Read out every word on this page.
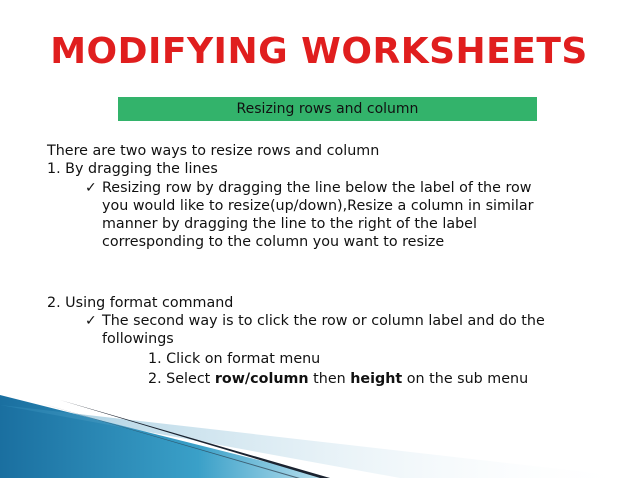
MODIFYING WORKSHEETS
Resizing rows and column
There are two ways to resize rows and column
1. By dragging the lines
✓ Resizing row by dragging the line below the label of the row
you would like to resize(up/down),Resize a column in similar
manner by dragging the line to the right of the label
corresponding to the column you want to resize
2. Using format command
✓ The second way is to click the row or column label and do the
followings
1. Click on format menu
2. Select row/column then height on the sub menu
